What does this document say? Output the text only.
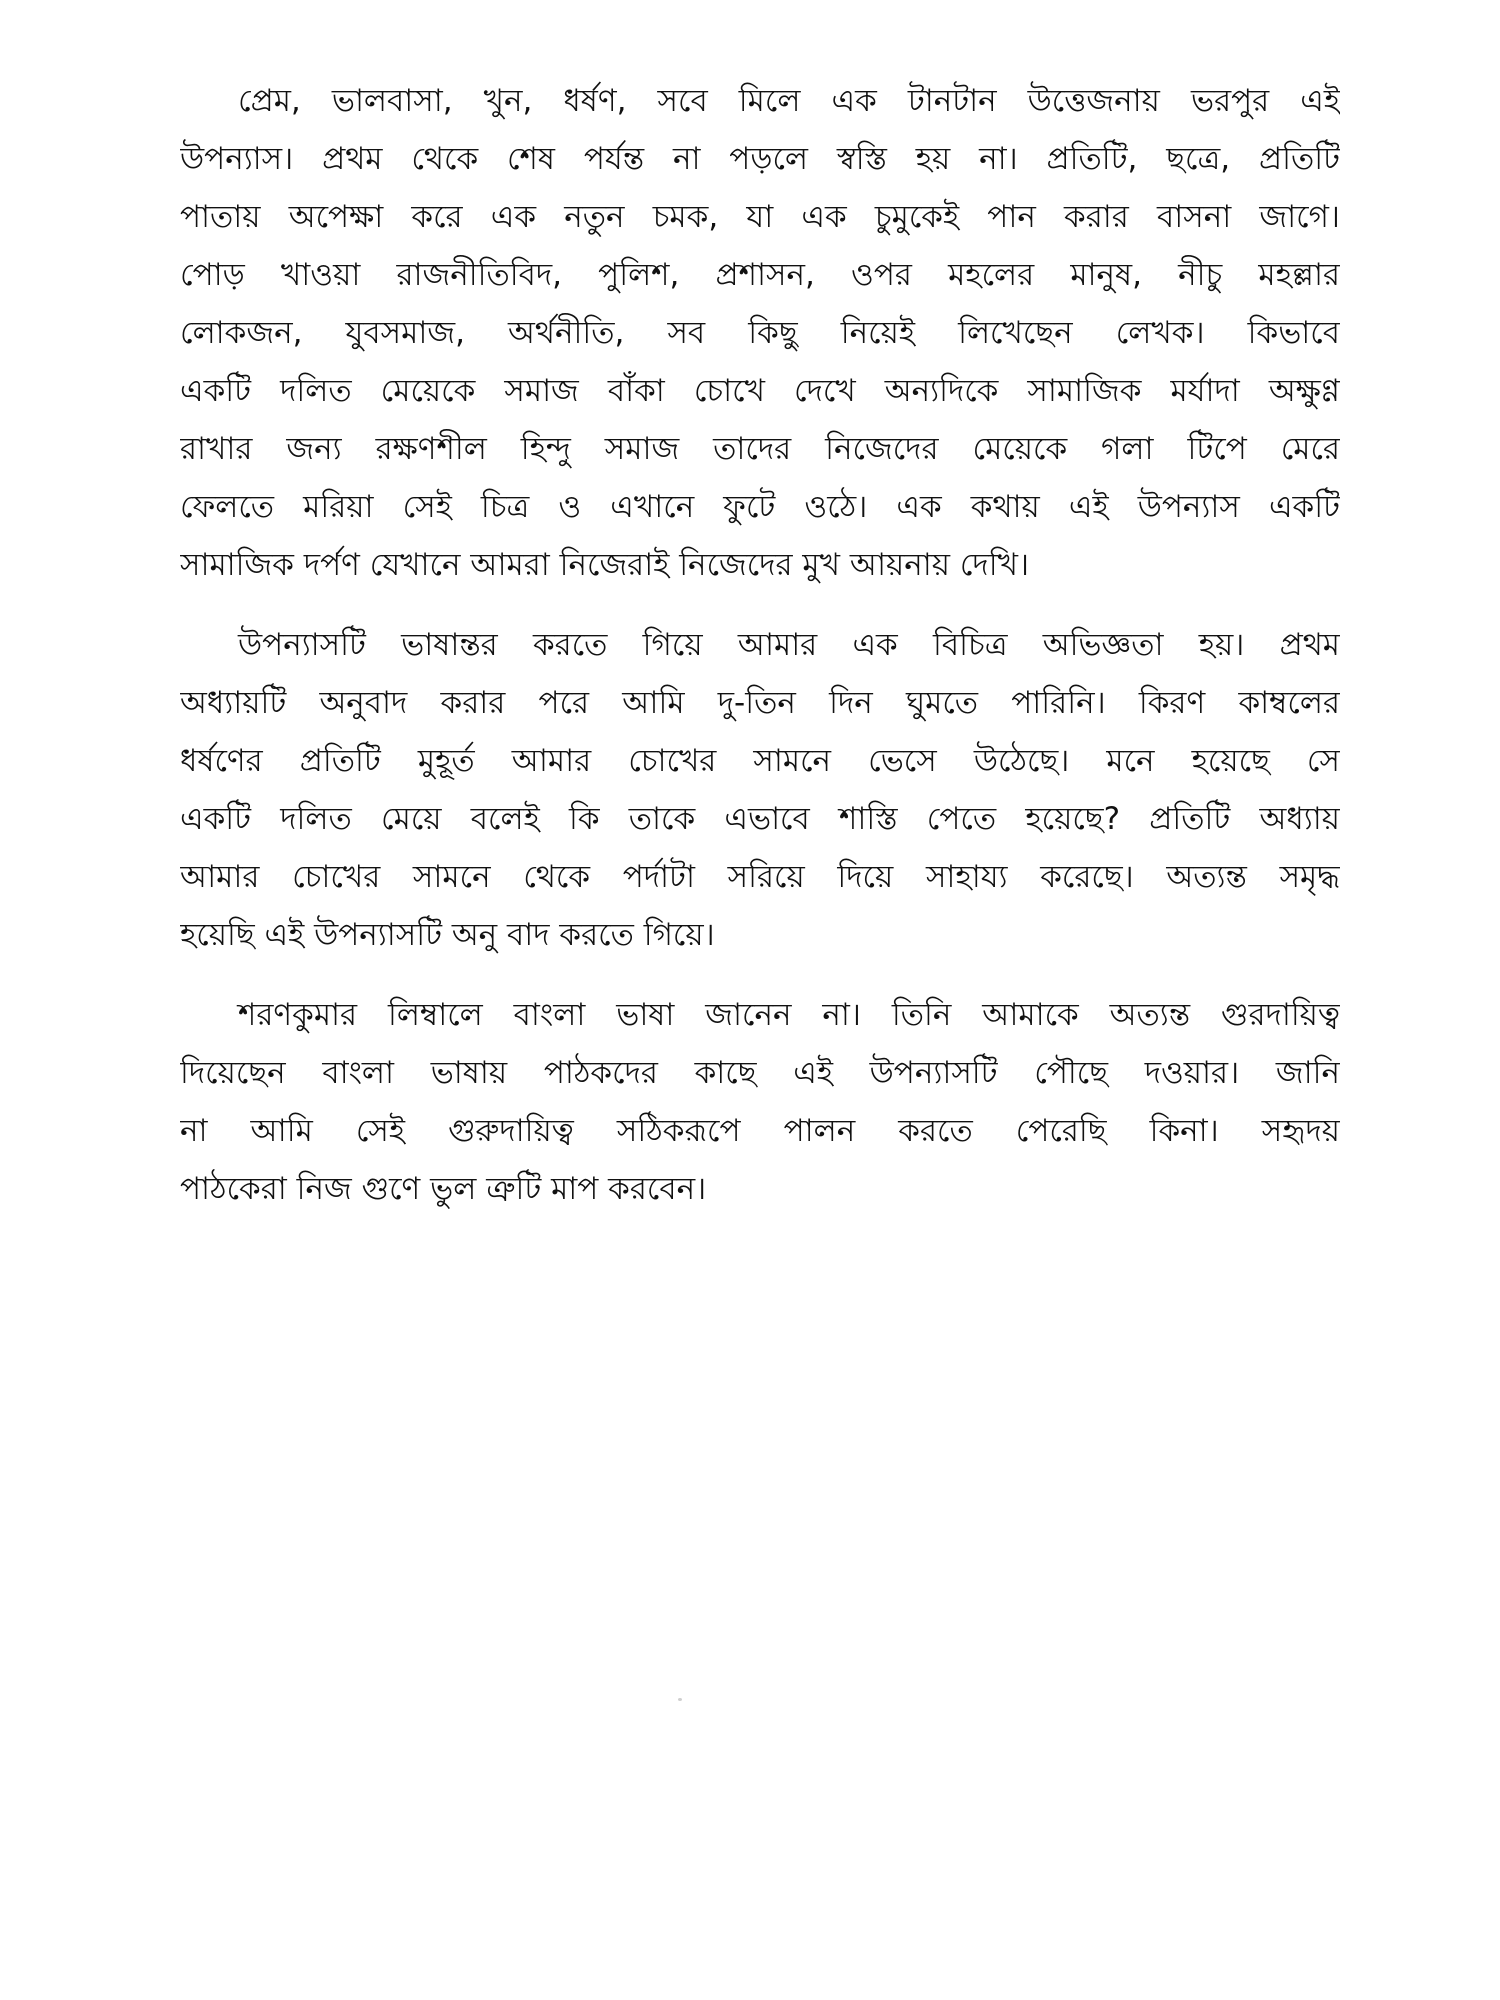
প্রেম, ভালবাসা, খুন, ধর্ষণ, সবে মিলে এক টানটান উত্তেজনায় ভরপুর এই
উপন্যাস। প্রথম থেকে শেষ পর্যন্ত না পড়লে স্বস্তি হয় না। প্রতিটি, ছত্রে, প্রতিটি
পাতায় অপেক্ষা করে এক নতুন চমক, যা এক চুমুকেই পান করার বাসনা জাগে।
পোড় খাওয়া রাজনীতিবিদ, পুলিশ, প্রশাসন, ওপর মহলের মানুষ, নীচু মহল্লার
লোকজন, যুবসমাজ, অর্থনীতি, সব কিছু নিয়েই লিখেছেন লেখক। কিভাবে
একটি দলিত মেয়েকে সমাজ বাঁকা চোখে দেখে অন্যদিকে সামাজিক মর্যাদা অক্ষুণ্ণ
রাখার জন্য রক্ষণশীল হিন্দু সমাজ তাদের নিজেদের মেয়েকে গলা টিপে মেরে
ফেলতে মরিয়া সেই চিত্র ও এখানে ফুটে ওঠে। এক কথায় এই উপন্যাস একটি
সামাজিক দর্পণ যেখানে আমরা নিজেরাই নিজেদের মুখ আয়নায় দেখি।
উপন্যাসটি ভাষান্তর করতে গিয়ে আমার এক বিচিত্র অভিজ্ঞতা হয়। প্রথম
অধ্যায়টি অনুবাদ করার পরে আমি দু-তিন দিন ঘুমতে পারিনি। কিরণ কাম্বলের
ধর্ষণের প্রতিটি মুহূর্ত আমার চোখের সামনে ভেসে উঠেছে। মনে হয়েছে সে
একটি দলিত মেয়ে বলেই কি তাকে এভাবে শাস্তি পেতে হয়েছে? প্রতিটি অধ্যায়
আমার চোখের সামনে থেকে পর্দাটা সরিয়ে দিয়ে সাহায্য করেছে। অত্যন্ত সমৃদ্ধ
হয়েছি এই উপন্যাসটি অনু বাদ করতে গিয়ে।
শরণকুমার লিম্বালে বাংলা ভাষা জানেন না। তিনি আমাকে অত্যন্ত গুরদায়িত্ব
দিয়েছেন বাংলা ভাষায় পাঠকদের কাছে এই উপন্যাসটি পৌছে দওয়ার। জানি
না আমি সেই গুরুদায়িত্ব সঠিকরূপে পালন করতে পেরেছি কিনা। সহৃদয়
পাঠকেরা নিজ গুণে ভুল ত্রুটি মাপ করবেন।
